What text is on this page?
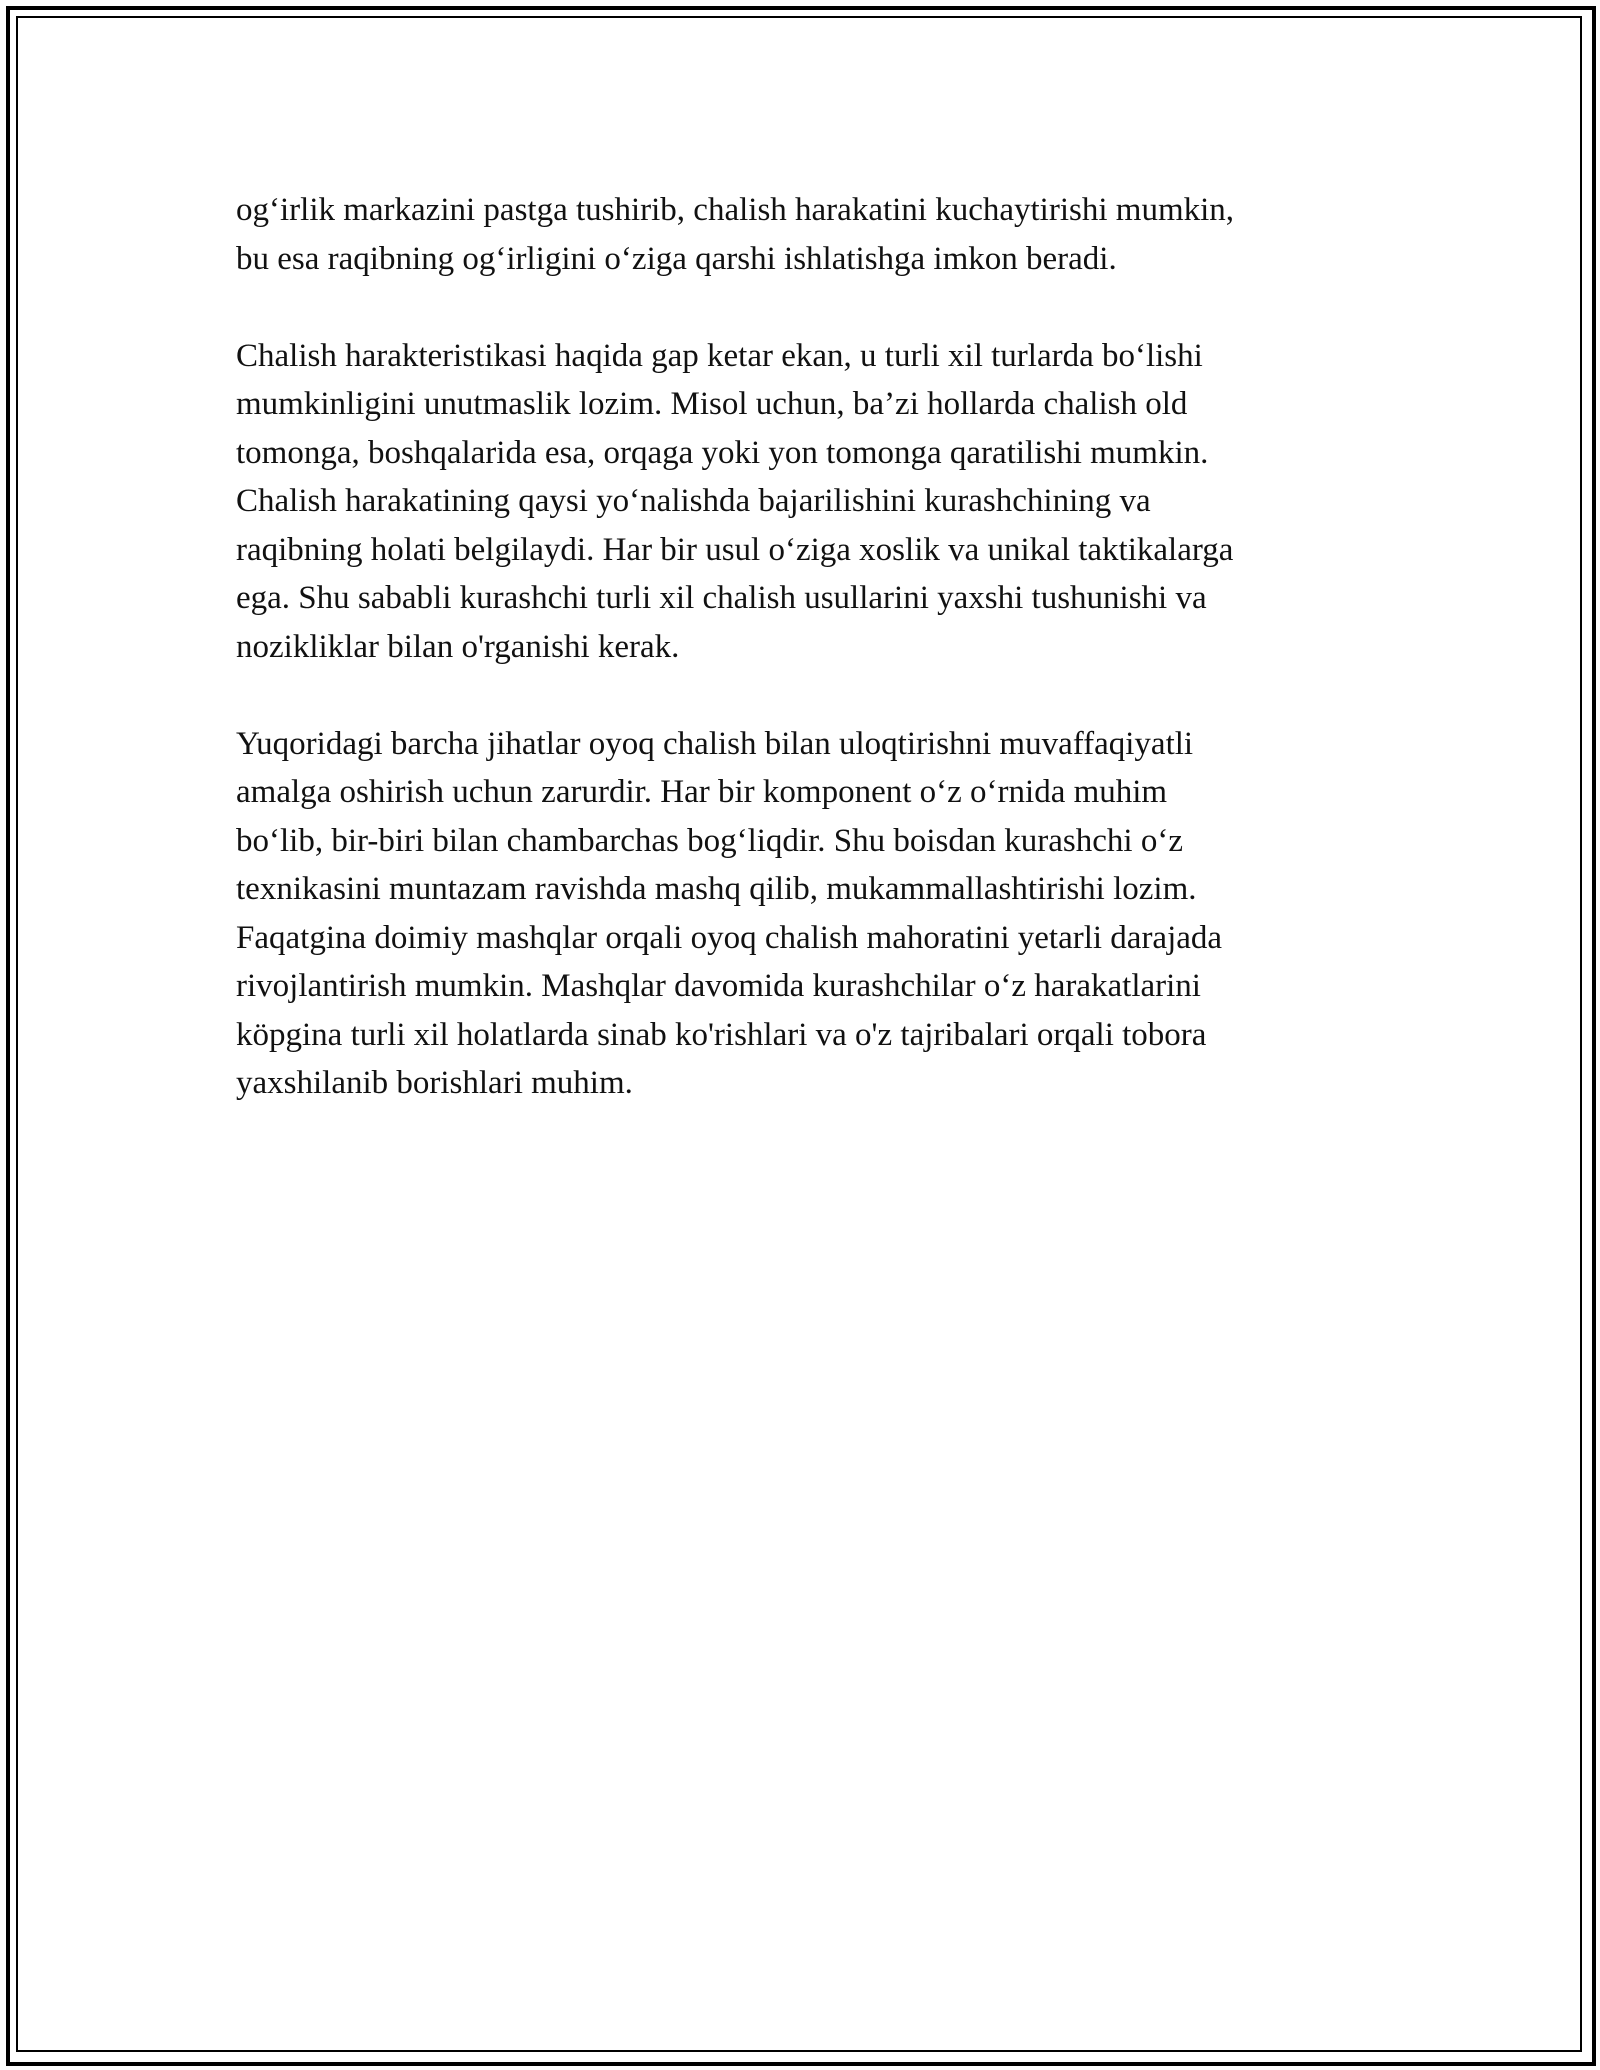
og‘irlik markazini pastga tushirib, chalish harakatini kuchaytirishi mumkin,
bu esa raqibning og‘irligini o‘ziga qarshi ishlatishga imkon beradi.

Chalish harakteristikasi haqida gap ketar ekan, u turli xil turlarda bo‘lishi
mumkinligini unutmaslik lozim. Misol uchun, ba’zi hollarda chalish old
tomonga, boshqalarida esa, orqaga yoki yon tomonga qaratilishi mumkin.
Chalish harakatining qaysi yo‘nalishda bajarilishini kurashchining va
raqibning holati belgilaydi. Har bir usul o‘ziga xoslik va unikal taktikalarga
ega. Shu sababli kurashchi turli xil chalish usullarini yaxshi tushunishi va
nozikliklar bilan o'rganishi kerak.

Yuqoridagi barcha jihatlar oyoq chalish bilan uloqtirishni muvaffaqiyatli
amalga oshirish uchun zarurdir. Har bir komponent o‘z o‘rnida muhim
bo‘lib, bir-biri bilan chambarchas bog‘liqdir. Shu boisdan kurashchi o‘z
texnikasini muntazam ravishda mashq qilib, mukammallashtirishi lozim.
Faqatgina doimiy mashqlar orqali oyoq chalish mahoratini yetarli darajada
rivojlantirish mumkin. Mashqlar davomida kurashchilar o‘z harakatlarini
köpgina turli xil holatlarda sinab ko'rishlari va o'z tajribalari orqali tobora
yaxshilanib borishlari muhim.
